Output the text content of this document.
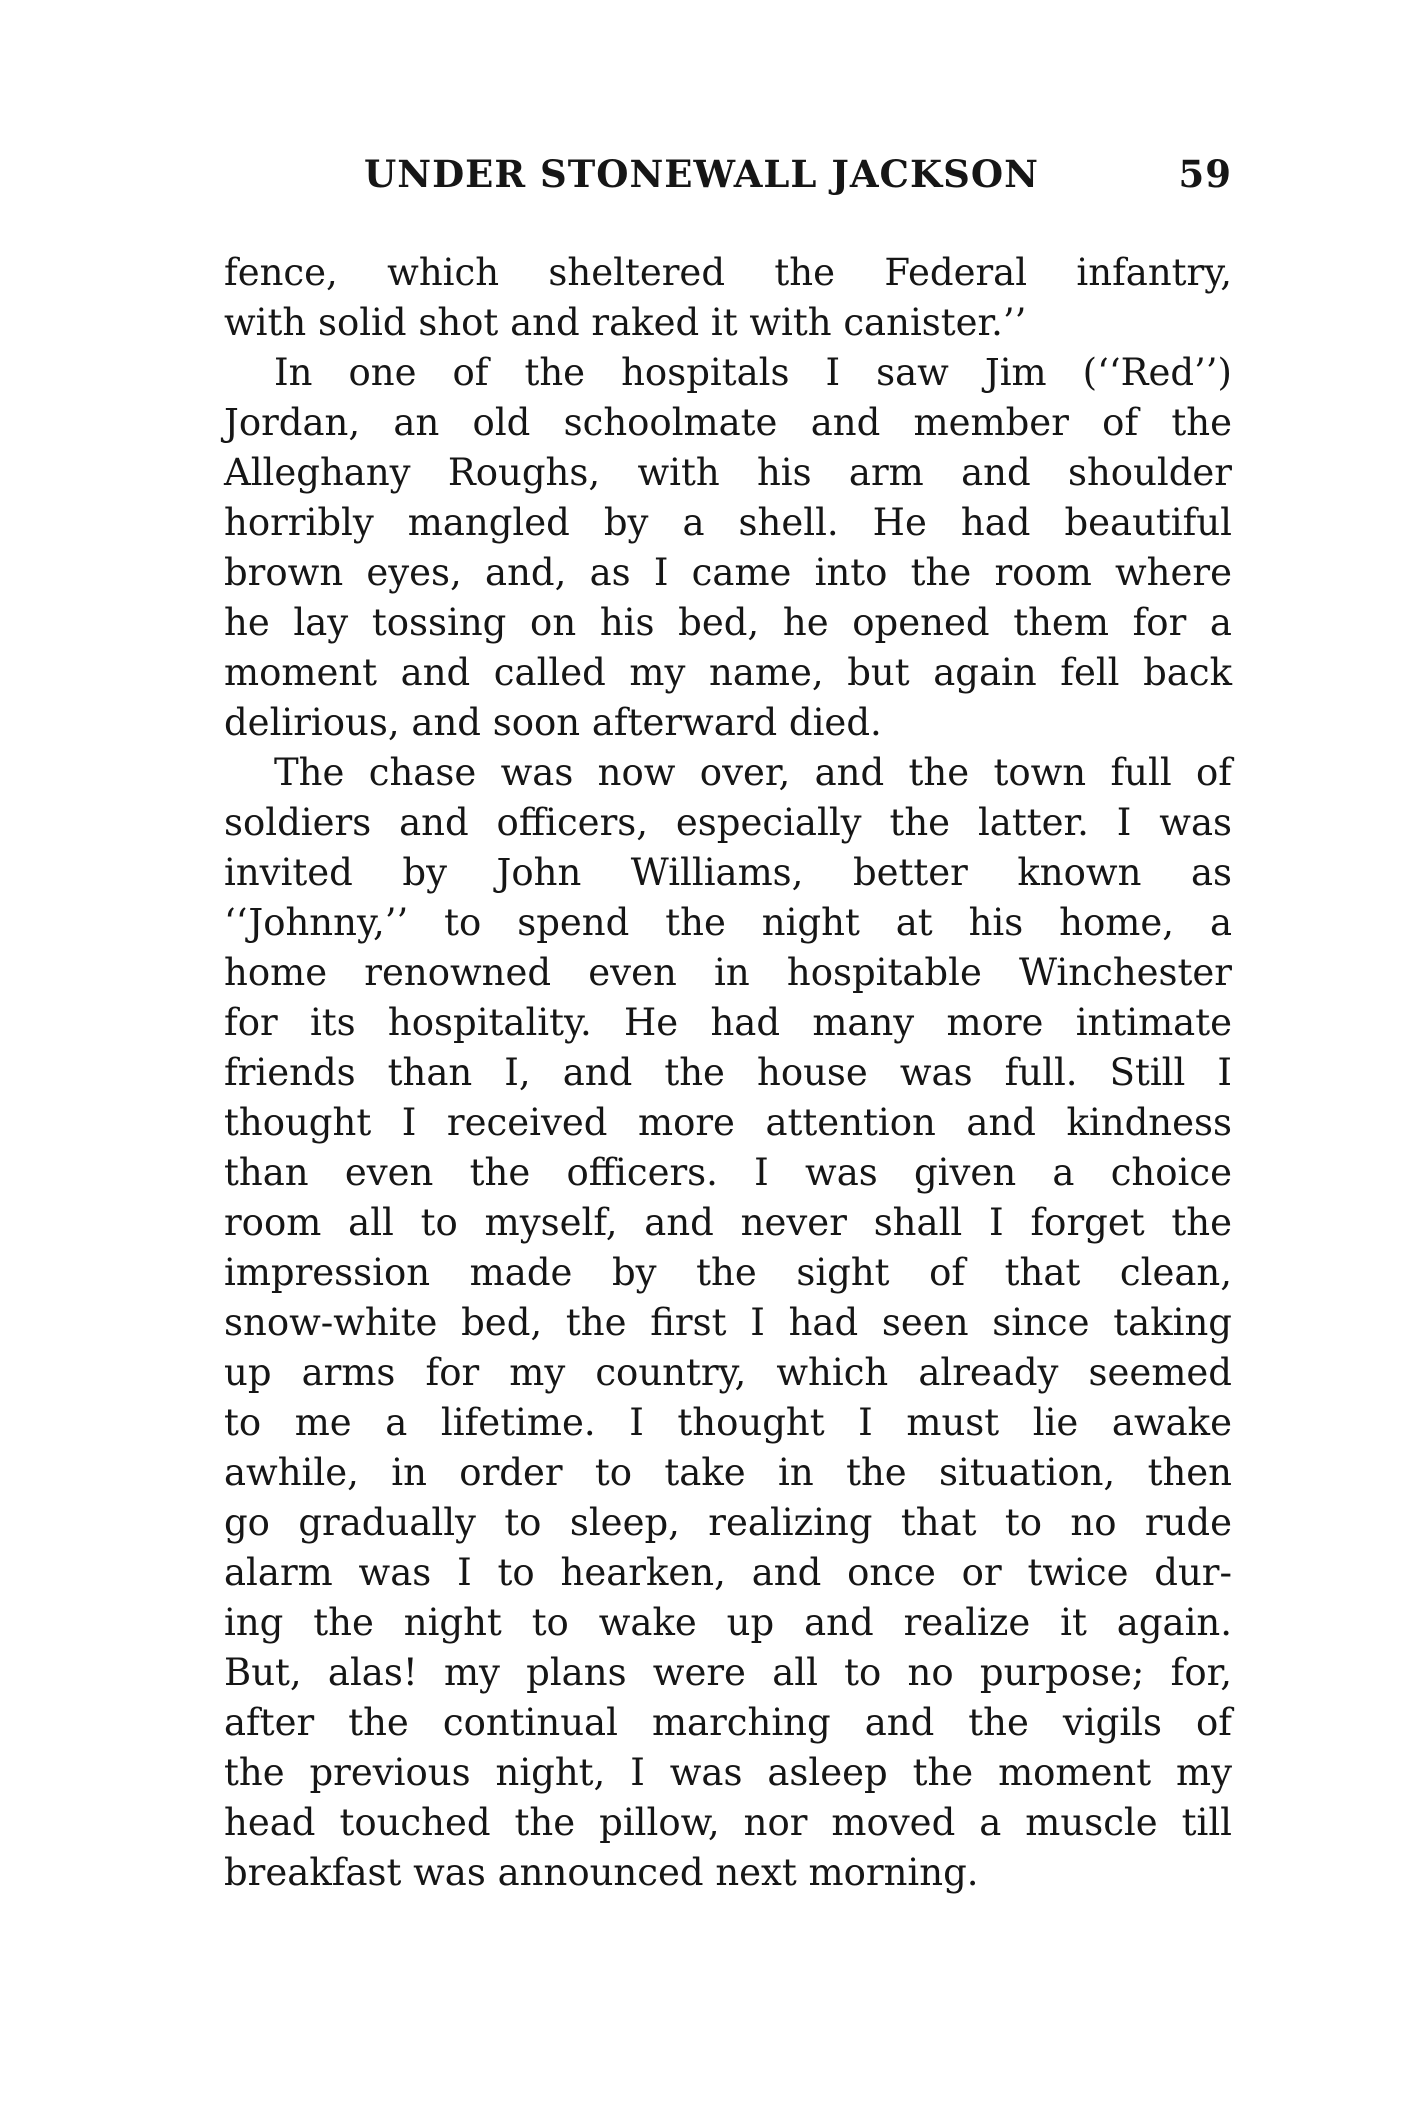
UNDER STONEWALL JACKSON	59
fence, which sheltered the Federal infantry,
with solid shot and raked it with canister.’’
In one of the hospitals I saw Jim (‘‘Red’’)
Jordan, an old schoolmate and member of the
Alleghany Roughs, with his arm and shoulder
horribly mangled by a shell. He had beautiful
brown eyes, and, as I came into the room where
he lay tossing on his bed, he opened them for a
moment and called my name, but again fell back
delirious, and soon afterward died.
The chase was now over, and the town full of
soldiers and officers, especially the latter. I was
invited by John Williams, better known as
‘‘Johnny,’’ to spend the night at his home, a
home renowned even in hospitable Winchester
for its hospitality. He had many more intimate
friends than I, and the house was full. Still I
thought I received more attention and kindness
than even the officers. I was given a choice
room all to myself, and never shall I forget the
impression made by the sight of that clean,
snow-white bed, the first I had seen since taking
up arms for my country, which already seemed
to me a lifetime. I thought I must lie awake
awhile, in order to take in the situation, then
go gradually to sleep, realizing that to no rude
alarm was I to hearken, and once or twice dur-
ing the night to wake up and realize it again.
But, alas! my plans were all to no purpose; for,
after the continual marching and the vigils of
the previous night, I was asleep the moment my
head touched the pillow, nor moved a muscle till
breakfast was announced next morning.
